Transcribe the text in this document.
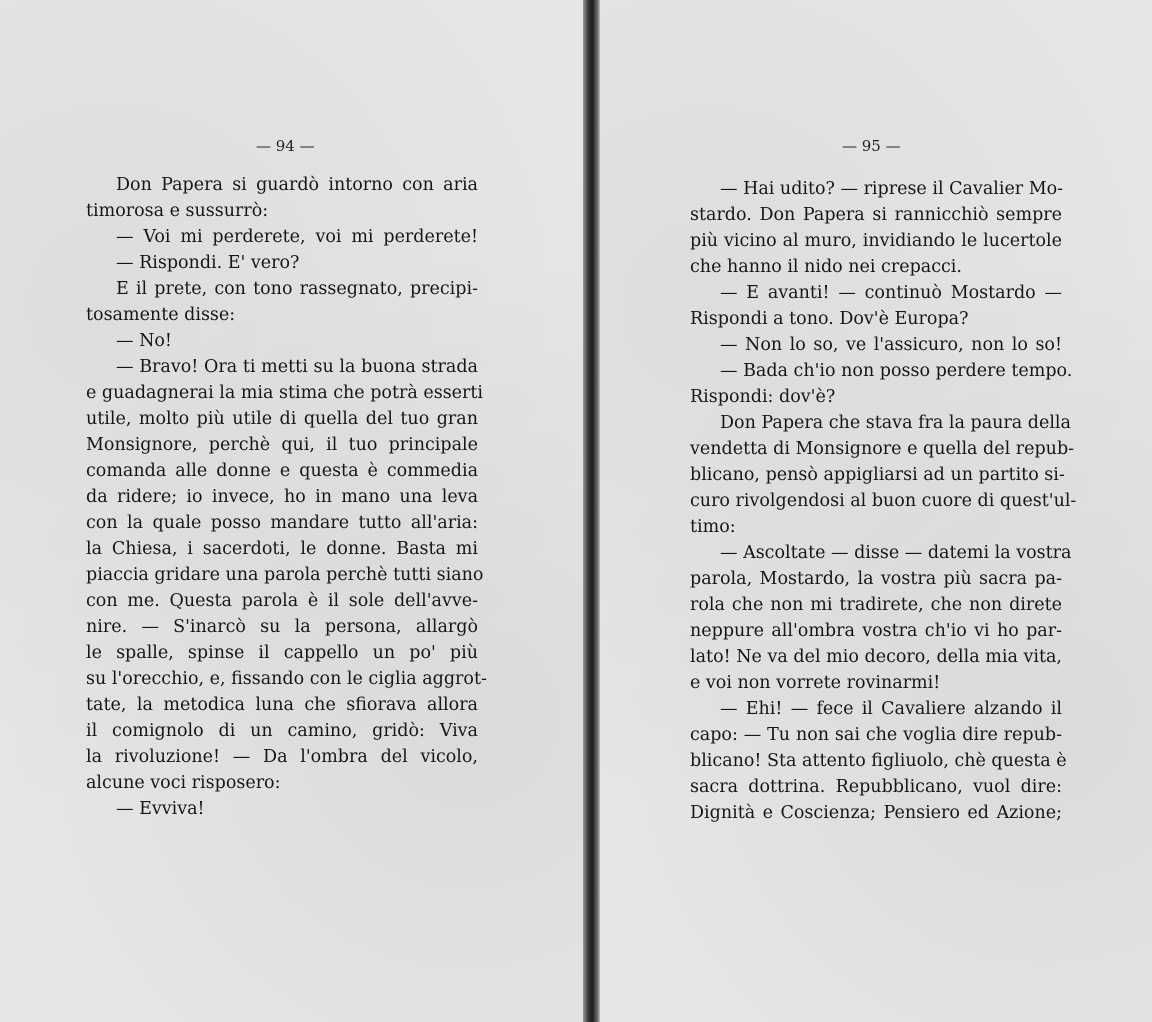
— 94 —
Don Papera si guardò intorno con aria
timorosa e sussurrò:
— Voi mi perderete, voi mi perderete!
— Rispondi. E' vero?
E il prete, con tono rassegnato, precipi-
tosamente disse:
— No!
— Bravo! Ora ti metti su la buona strada
e guadagnerai la mia stima che potrà esserti
utile, molto più utile di quella del tuo gran
Monsignore, perchè qui, il tuo principale
comanda alle donne e questa è commedia
da ridere; io invece, ho in mano una leva
con la quale posso mandare tutto all'aria:
la Chiesa, i sacerdoti, le donne. Basta mi
piaccia gridare una parola perchè tutti siano
con me. Questa parola è il sole dell'avve-
nire. — S'inarcò su la persona, allargò
le spalle, spinse il cappello un po' più
su l'orecchio, e, fissando con le ciglia aggrot-
tate, la metodica luna che sfiorava allora
il comignolo di un camino, gridò: Viva
la rivoluzione! — Da l'ombra del vicolo,
alcune voci risposero:
— Evviva!
— 95 —
— Hai udito? — riprese il Cavalier Mo-
stardo. Don Papera si rannicchiò sempre
più vicino al muro, invidiando le lucertole
che hanno il nido nei crepacci.
— E avanti! — continuò Mostardo —
Rispondi a tono. Dov'è Europa?
— Non lo so, ve l'assicuro, non lo so!
— Bada ch'io non posso perdere tempo.
Rispondi: dov'è?
Don Papera che stava fra la paura della
vendetta di Monsignore e quella del repub-
blicano, pensò appigliarsi ad un partito si-
curo rivolgendosi al buon cuore di quest'ul-
timo:
— Ascoltate — disse — datemi la vostra
parola, Mostardo, la vostra più sacra pa-
rola che non mi tradirete, che non direte
neppure all'ombra vostra ch'io vi ho par-
lato! Ne va del mio decoro, della mia vita,
e voi non vorrete rovinarmi!
— Ehi! — fece il Cavaliere alzando il
capo: — Tu non sai che voglia dire repub-
blicano! Sta attento figliuolo, chè questa è
sacra dottrina. Repubblicano, vuol dire:
Dignità e Coscienza; Pensiero ed Azione;
